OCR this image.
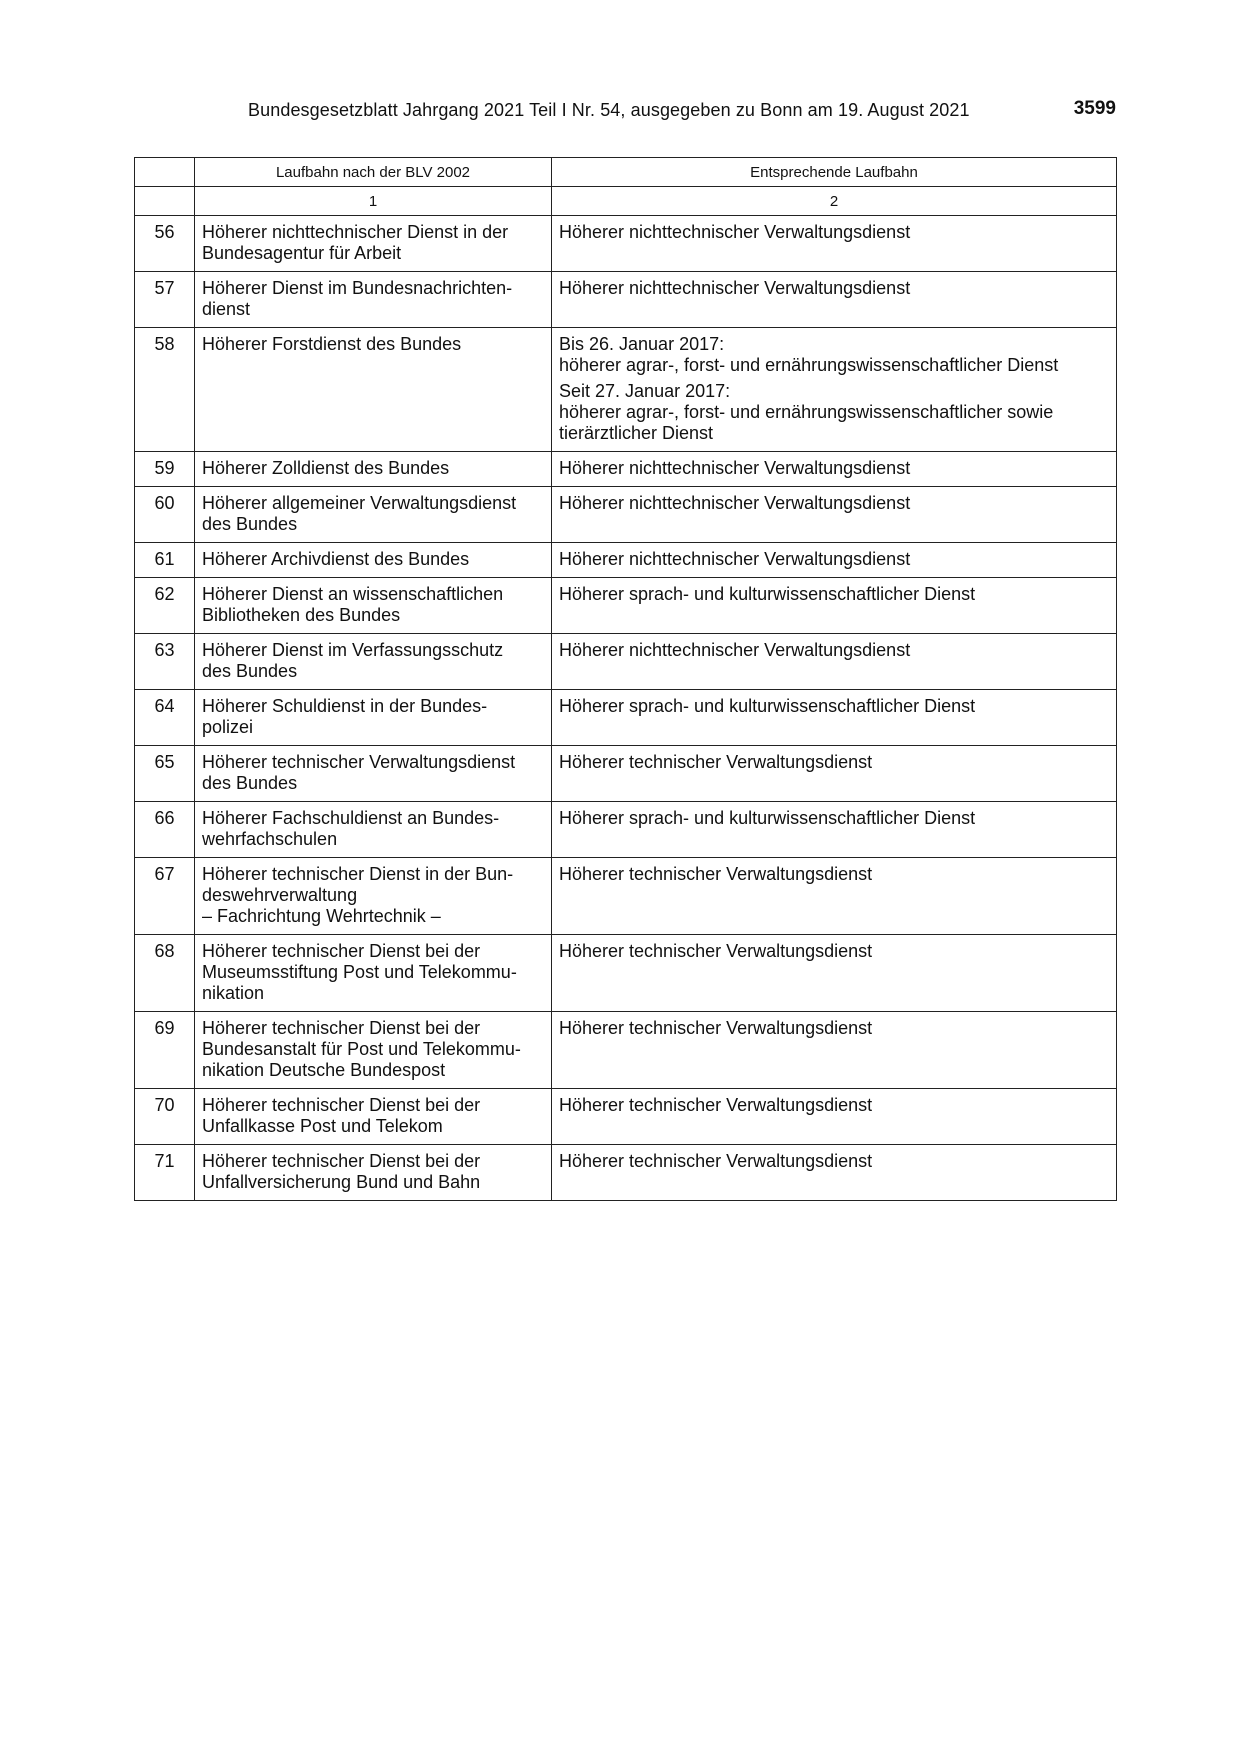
Bundesgesetzblatt Jahrgang 2021 Teil I Nr. 54, ausgegeben zu Bonn am 19. August 2021	3599
	Laufbahn nach der BLV 2002	Entsprechende Laufbahn
	1	2
56	Höherer nichttechnischer Dienst in der
Bundesagentur für Arbeit	Höherer nichttechnischer Verwaltungsdienst

57	Höherer Dienst im Bundesnachrichten-
dienst	Höherer nichttechnischer Verwaltungsdienst

58	Höherer Forstdienst des Bundes	Bis 26. Januar 2017:
höherer agrar-, forst- und ernährungswissenschaftlicher Dienst
Seit 27. Januar 2017:
höherer agrar-, forst- und ernährungswissenschaftlicher sowie
tierärztlicher Dienst

59	Höherer Zolldienst des Bundes	Höherer nichttechnischer Verwaltungsdienst

60	Höherer allgemeiner Verwaltungsdienst
des Bundes	Höherer nichttechnischer Verwaltungsdienst

61	Höherer Archivdienst des Bundes	Höherer nichttechnischer Verwaltungsdienst

62	Höherer Dienst an wissenschaftlichen
Bibliotheken des Bundes	Höherer sprach- und kulturwissenschaftlicher Dienst

63	Höherer Dienst im Verfassungsschutz
des Bundes	Höherer nichttechnischer Verwaltungsdienst

64	Höherer Schuldienst in der Bundes-
polizei	Höherer sprach- und kulturwissenschaftlicher Dienst

65	Höherer technischer Verwaltungsdienst
des Bundes	Höherer technischer Verwaltungsdienst

66	Höherer Fachschuldienst an Bundes-
wehrfachschulen	Höherer sprach- und kulturwissenschaftlicher Dienst

67	Höherer technischer Dienst in der Bun-
deswehrverwaltung
– Fachrichtung Wehrtechnik –	Höherer technischer Verwaltungsdienst

68	Höherer technischer Dienst bei der
Museumsstiftung Post und Telekommu-
nikation	Höherer technischer Verwaltungsdienst

69	Höherer technischer Dienst bei der
Bundesanstalt für Post und Telekommu-
nikation Deutsche Bundespost	Höherer technischer Verwaltungsdienst

70	Höherer technischer Dienst bei der
Unfallkasse Post und Telekom	Höherer technischer Verwaltungsdienst

71	Höherer technischer Dienst bei der
Unfallversicherung Bund und Bahn	Höherer technischer Verwaltungsdienst
